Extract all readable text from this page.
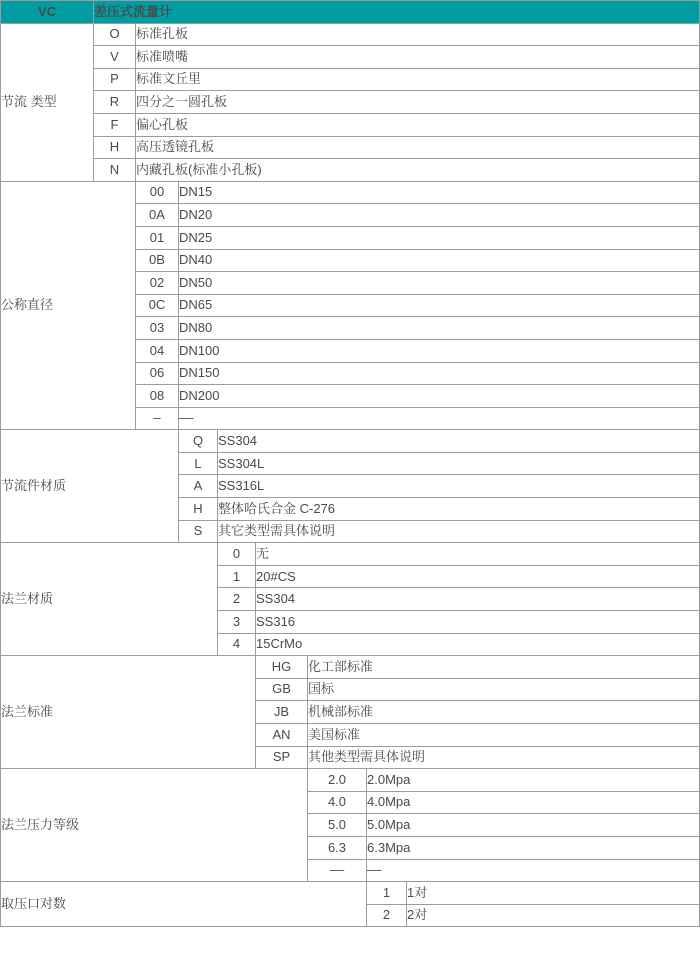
VC	差压式流量计							
节流 类型	O	标准孔板						
	V	标准喷嘴						
	P	标准文丘里						
	R	四分之一圆孔板						
	F	偏心孔板						
	H	高压透镜孔板						
	N	内藏孔板(标准小孔板)						
公称直径		00	DN15					
		0A	DN20					
		01	DN25					
		0B	DN40					
		02	DN50					
		0C	DN65					
		03	DN80					
		04	DN100					
		06	DN150					
		08	DN200					
		–	––					
节流件材质			Q	SS304				
			L	SS304L				
			A	SS316L				
			H	整体哈氏合金 C-276				
			S	其它类型需具体说明				
法兰材质				0	无			
				1	20#CS			
				2	SS304			
				3	SS316			
				4	15CrMo			
法兰标准					HG	化工部标准		
					GB	国标		
					JB	机械部标准		
					AN	美国标准		
					SP	其他类型需具体说明		
法兰压力等级						2.0	2.0Mpa	
						4.0	4.0Mpa	
						5.0	5.0Mpa	
						6.3	6.3Mpa	
						––	––	
取压口对数							1	1对
							2	2对
